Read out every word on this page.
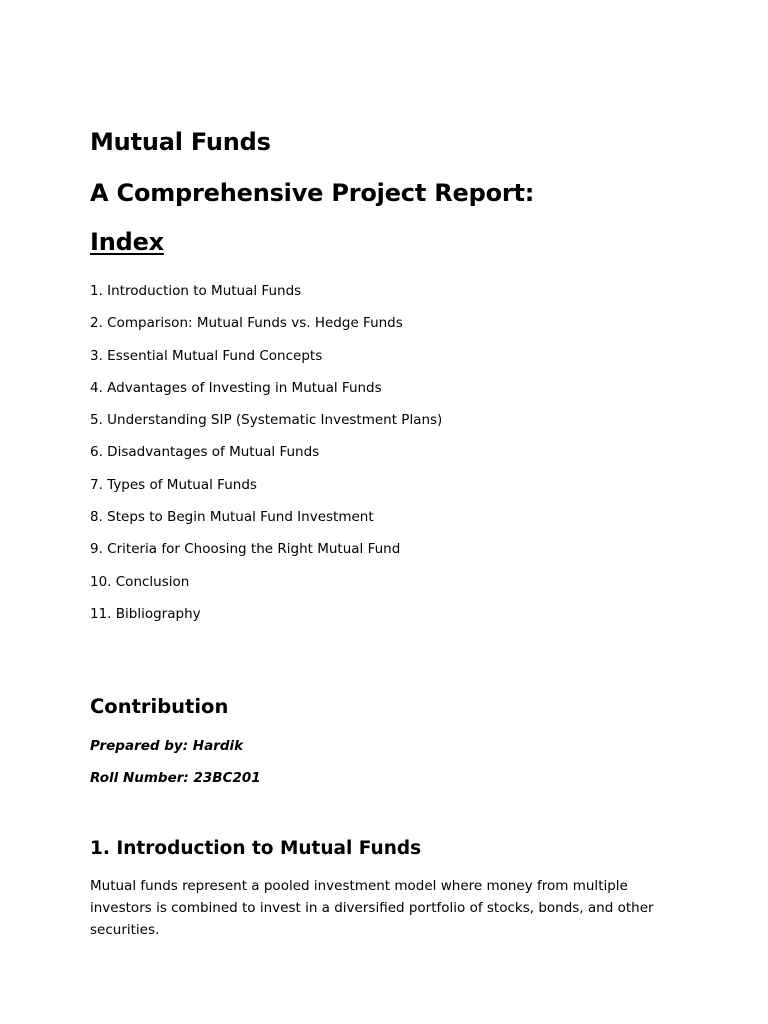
Mutual Funds
A Comprehensive Project Report:
Index
1. Introduction to Mutual Funds
2. Comparison: Mutual Funds vs. Hedge Funds
3. Essential Mutual Fund Concepts
4. Advantages of Investing in Mutual Funds
5. Understanding SIP (Systematic Investment Plans)
6. Disadvantages of Mutual Funds
7. Types of Mutual Funds
8. Steps to Begin Mutual Fund Investment
9. Criteria for Choosing the Right Mutual Fund
10. Conclusion
11. Bibliography
Contribution

Prepared by: Hardik

Roll Number: 23BC201

1. Introduction to Mutual Funds

Mutual funds represent a pooled investment model where money from multiple investors is combined to invest in a diversified portfolio of stocks, bonds, and other securities.
